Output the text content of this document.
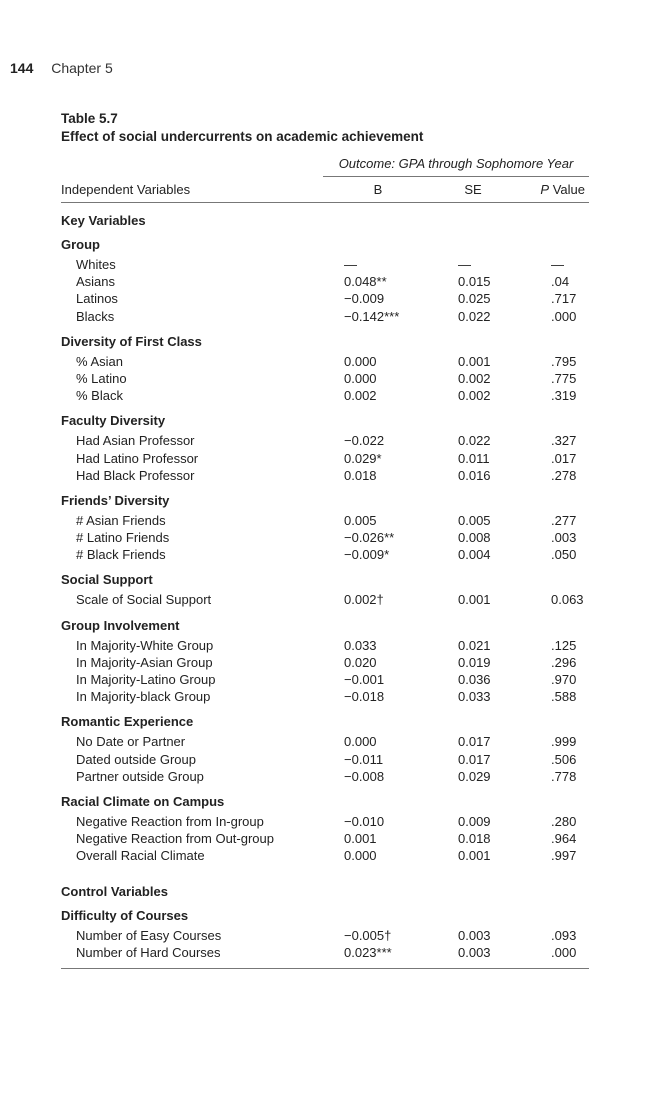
144 Chapter 5
Table 5.7
Effect of social undercurrents on academic achievement
Outcome: GPA through Sophomore Year
Independent Variables	B	SE	P Value
Key Variables
Group
Whites	—	—	—
Asians	0.048**	0.015	.04
Latinos	−0.009	0.025	.717
Blacks	−0.142***	0.022	.000
Diversity of First Class
% Asian	0.000	0.001	.795
% Latino	0.000	0.002	.775
% Black	0.002	0.002	.319
Faculty Diversity
Had Asian Professor	−0.022	0.022	.327
Had Latino Professor	0.029*	0.011	.017
Had Black Professor	0.018	0.016	.278
Friends’ Diversity
# Asian Friends	0.005	0.005	.277
# Latino Friends	−0.026**	0.008	.003
# Black Friends	−0.009*	0.004	.050
Social Support
Scale of Social Support	0.002†	0.001	0.063
Group Involvement
In Majority-White Group	0.033	0.021	.125
In Majority-Asian Group	0.020	0.019	.296
In Majority-Latino Group	−0.001	0.036	.970
In Majority-black Group	−0.018	0.033	.588
Romantic Experience
No Date or Partner	0.000	0.017	.999
Dated outside Group	−0.011	0.017	.506
Partner outside Group	−0.008	0.029	.778
Racial Climate on Campus
Negative Reaction from In-group	−0.010	0.009	.280
Negative Reaction from Out-group	0.001	0.018	.964
Overall Racial Climate	0.000	0.001	.997
Control Variables
Difficulty of Courses
Number of Easy Courses	−0.005†	0.003	.093
Number of Hard Courses	0.023***	0.003	.000
